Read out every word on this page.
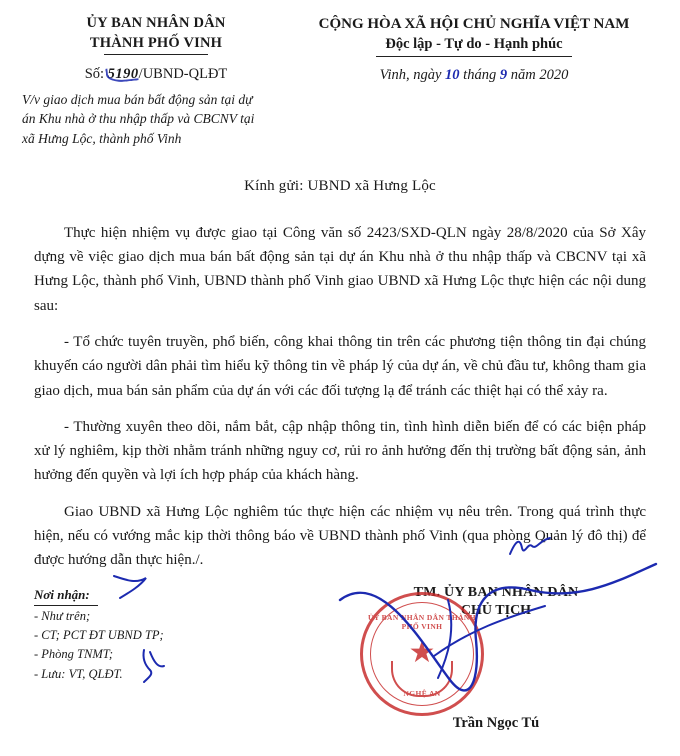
ỦY BAN NHÂN DÂN
THÀNH PHỐ VINH
CỘNG HÒA XÃ HỘI CHỦ NGHĨA VIỆT NAM
Độc lập - Tự do - Hạnh phúc
Số: 5190/UBND-QLĐT	Vinh, ngày 10 tháng 9 năm 2020
V/v giao dịch mua bán bất động sản tại dự án Khu nhà ở thu nhập thấp và CBCNV tại xã Hưng Lộc, thành phố Vinh
Kính gửi: UBND xã Hưng Lộc

Thực hiện nhiệm vụ được giao tại Công văn số 2423/SXD-QLN ngày 28/8/2020 của Sở Xây dựng về việc giao dịch mua bán bất động sản tại dự án Khu nhà ở thu nhập thấp và CBCNV tại xã Hưng Lộc, thành phố Vinh, UBND thành phố Vinh giao UBND xã Hưng Lộc thực hiện các nội dung sau:

- Tổ chức tuyên truyền, phổ biến, công khai thông tin trên các phương tiện thông tin đại chúng khuyến cáo người dân phải tìm hiểu kỹ thông tin về pháp lý của dự án, về chủ đầu tư, không tham gia giao dịch, mua bán sản phẩm của dự án với các đối tượng lạ để tránh các thiệt hại có thể xảy ra.

- Thường xuyên theo dõi, nắm bắt, cập nhập thông tin, tình hình diễn biến để có các biện pháp xử lý nghiêm, kịp thời nhằm tránh những nguy cơ, rủi ro ảnh hưởng đến thị trường bất động sản, ảnh hưởng đến quyền và lợi ích hợp pháp của khách hàng.

Giao UBND xã Hưng Lộc nghiêm túc thực hiện các nhiệm vụ nêu trên. Trong quá trình thực hiện, nếu có vướng mắc kịp thời thông báo về UBND thành phố Vinh (qua phòng Quản lý đô thị) để được hướng dẫn thực hiện./.

Nơi nhận:
- Như trên;
- CT; PCT ĐT UBND TP;
- Phòng TNMT;
- Lưu: VT, QLĐT.
TM. ỦY BAN NHÂN DÂN
CHỦ TỊCH
Trần Ngọc Tú
ỦY BAN NHÂN DÂN THÀNH PHỐ VINH
★
NGHỆ AN
